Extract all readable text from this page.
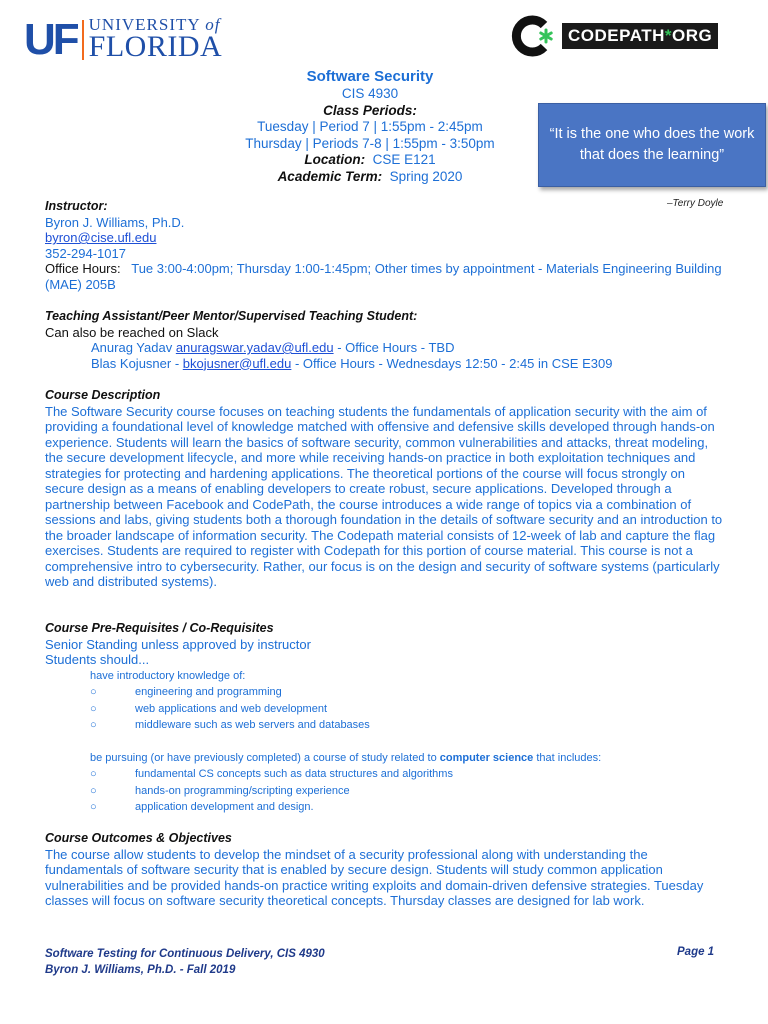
UF UNIVERSITY of
FLORIDA	CODEPATH*ORG
Software Security
CIS 4930
Class Periods:
Tuesday | Period 7 | 1:55pm - 2:45pm
Thursday | Periods 7-8 | 1:55pm - 3:50pm
Location: CSE E121
Academic Term: Spring 2020
“It is the one who does the work that does the learning”
–Terry Doyle
Instructor:
Byron J. Williams, Ph.D.
byron@cise.ufl.edu
352-294-1017
Office Hours: Tue 3:00-4:00pm; Thursday 1:00-1:45pm; Other times by appointment - Materials Engineering Building (MAE) 205B
Teaching Assistant/Peer Mentor/Supervised Teaching Student:
Can also be reached on Slack
Anurag Yadav anuragswar.yadav@ufl.edu - Office Hours - TBD
Blas Kojusner - bkojusner@ufl.edu - Office Hours - Wednesdays 12:50 - 2:45 in CSE E309
Course Description
The Software Security course focuses on teaching students the fundamentals of application security with the aim of providing a foundational level of knowledge matched with offensive and defensive skills developed through hands-on experience. Students will learn the basics of software security, common vulnerabilities and attacks, threat modeling, the secure development lifecycle, and more while receiving hands-on practice in both exploitation techniques and strategies for protecting and hardening applications. The theoretical portions of the course will focus strongly on secure design as a means of enabling developers to create robust, secure applications. Developed through a partnership between Facebook and CodePath, the course introduces a wide range of topics via a combination of sessions and labs, giving students both a thorough foundation in the details of software security and an introduction to the broader landscape of information security. The Codepath material consists of 12-week of lab and capture the flag exercises. Students are required to register with Codepath for this portion of course material. This course is not a comprehensive intro to cybersecurity. Rather, our focus is on the design and security of software systems (particularly web and distributed systems).
Course Pre-Requisites / Co-Requisites
Senior Standing unless approved by instructor
Students should...
have introductory knowledge of:
○	engineering and programming
○	web applications and web development
○	middleware such as web servers and databases
be pursuing (or have previously completed) a course of study related to computer science that includes:
○	fundamental CS concepts such as data structures and algorithms
○	hands-on programming/scripting experience
○	application development and design.
Course Outcomes & Objectives
The course allow students to develop the mindset of a security professional along with understanding the fundamentals of software security that is enabled by secure design. Students will study common application vulnerabilities and be provided hands-on practice writing exploits and domain-driven defensive strategies. Tuesday classes will focus on software security theoretical concepts. Thursday classes are designed for lab work.
Software Testing for Continuous Delivery, CIS 4930
Byron J. Williams, Ph.D. - Fall 2019
Page 1
